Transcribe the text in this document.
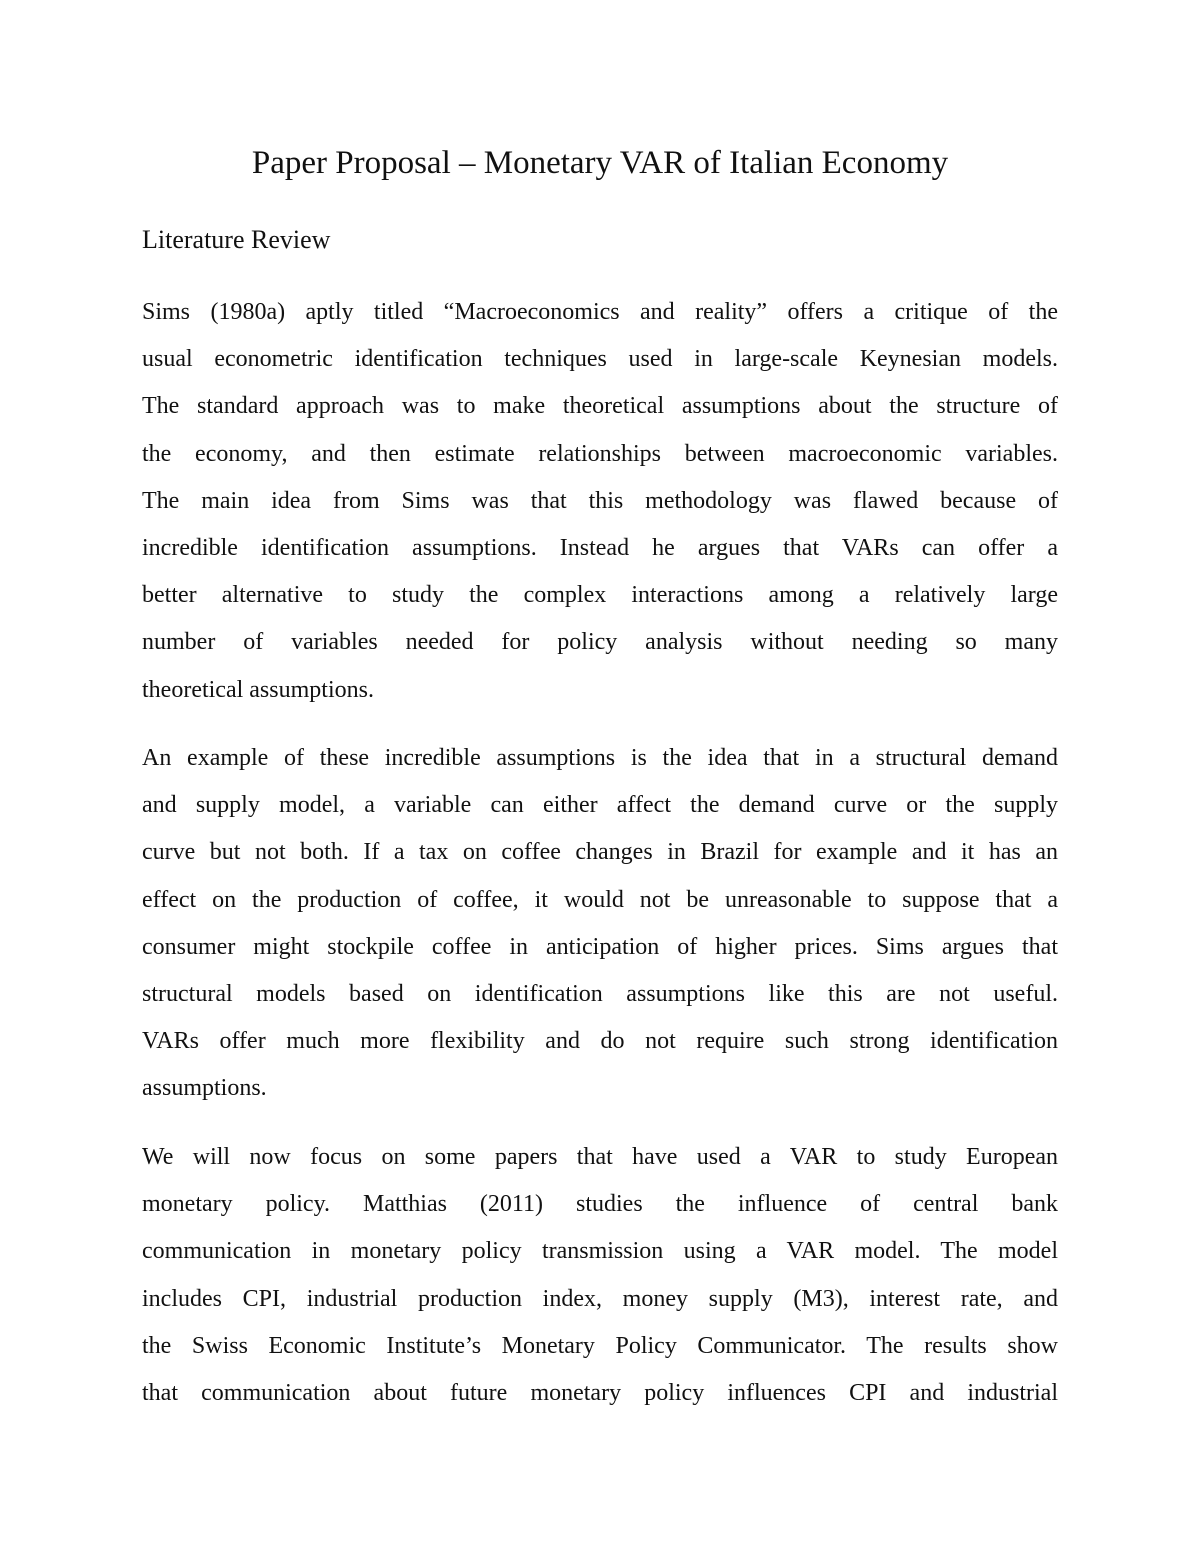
Paper Proposal – Monetary VAR of Italian Economy
Literature Review
Sims (1980a) aptly titled “Macroeconomics and reality” offers a critique of the
usual econometric identification techniques used in large-scale Keynesian models.
The standard approach was to make theoretical assumptions about the structure of
the economy, and then estimate relationships between macroeconomic variables.
The main idea from Sims was that this methodology was flawed because of
incredible identification assumptions. Instead he argues that VARs can offer a
better alternative to study the complex interactions among a relatively large
number of variables needed for policy analysis without needing so many
theoretical assumptions.
An example of these incredible assumptions is the idea that in a structural demand
and supply model, a variable can either affect the demand curve or the supply
curve but not both. If a tax on coffee changes in Brazil for example and it has an
effect on the production of coffee, it would not be unreasonable to suppose that a
consumer might stockpile coffee in anticipation of higher prices. Sims argues that
structural models based on identification assumptions like this are not useful.
VARs offer much more flexibility and do not require such strong identification
assumptions.
We will now focus on some papers that have used a VAR to study European
monetary policy. Matthias (2011) studies the influence of central bank
communication in monetary policy transmission using a VAR model. The model
includes CPI, industrial production index, money supply (M3), interest rate, and
the Swiss Economic Institute’s Monetary Policy Communicator. The results show
that communication about future monetary policy influences CPI and industrial
